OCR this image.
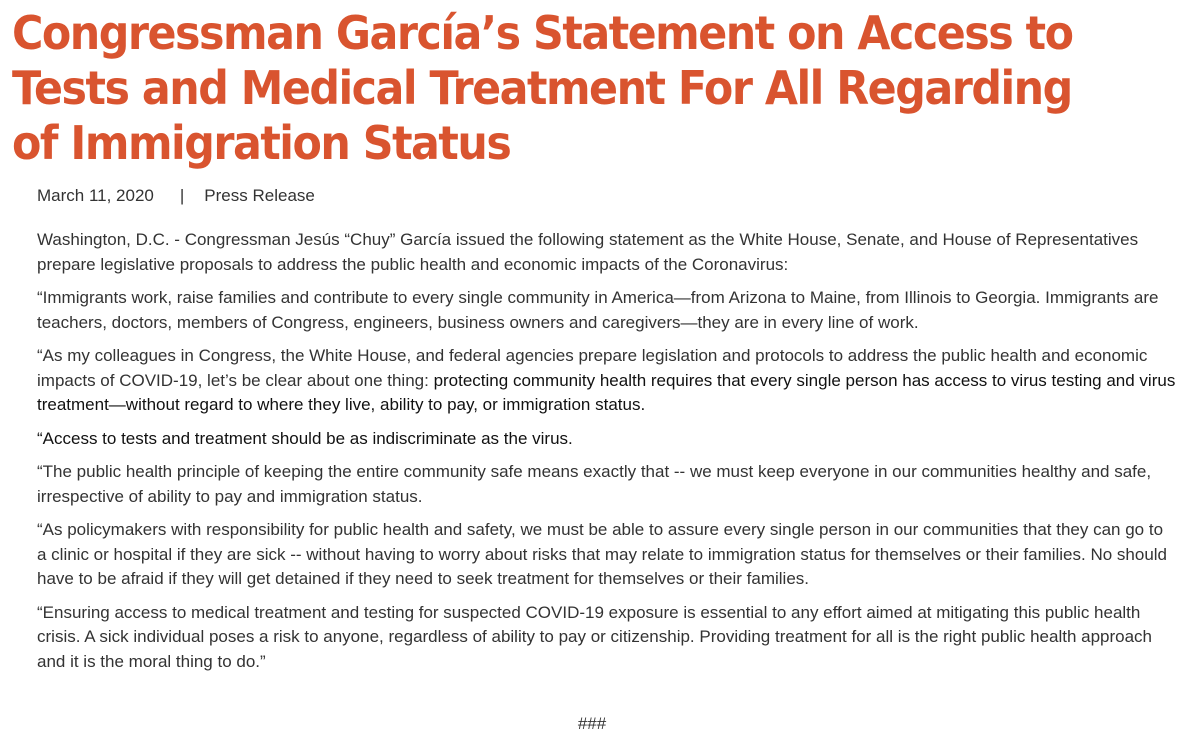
Congressman García’s Statement on Access to Tests and Medical Treatment For All Regarding of Immigration Status
March 11, 2020 | Press Release

Washington, D.C. - Congressman Jesús “Chuy” García issued the following statement as the White House, Senate, and House of Representatives prepare legislative proposals to address the public health and economic impacts of the Coronavirus:

“Immigrants work, raise families and contribute to every single community in America—from Arizona to Maine, from Illinois to Georgia. Immigrants are teachers, doctors, members of Congress, engineers, business owners and caregivers—they are in every line of work.

“As my colleagues in Congress, the White House, and federal agencies prepare legislation and protocols to address the public health and economic impacts of COVID-19, let’s be clear about one thing: protecting community health requires that every single person has access to virus testing and virus treatment—without regard to where they live, ability to pay, or immigration status.

“Access to tests and treatment should be as indiscriminate as the virus.

“The public health principle of keeping the entire community safe means exactly that -- we must keep everyone in our communities healthy and safe, irrespective of ability to pay and immigration status.

“As policymakers with responsibility for public health and safety, we must be able to assure every single person in our communities that they can go to a clinic or hospital if they are sick -- without having to worry about risks that may relate to immigration status for themselves or their families. No should have to be afraid if they will get detained if they need to seek treatment for themselves or their families.

“Ensuring access to medical treatment and testing for suspected COVID-19 exposure is essential to any effort aimed at mitigating this public health crisis. A sick individual poses a risk to anyone, regardless of ability to pay or citizenship. Providing treatment for all is the right public health approach and it is the moral thing to do.”

###
